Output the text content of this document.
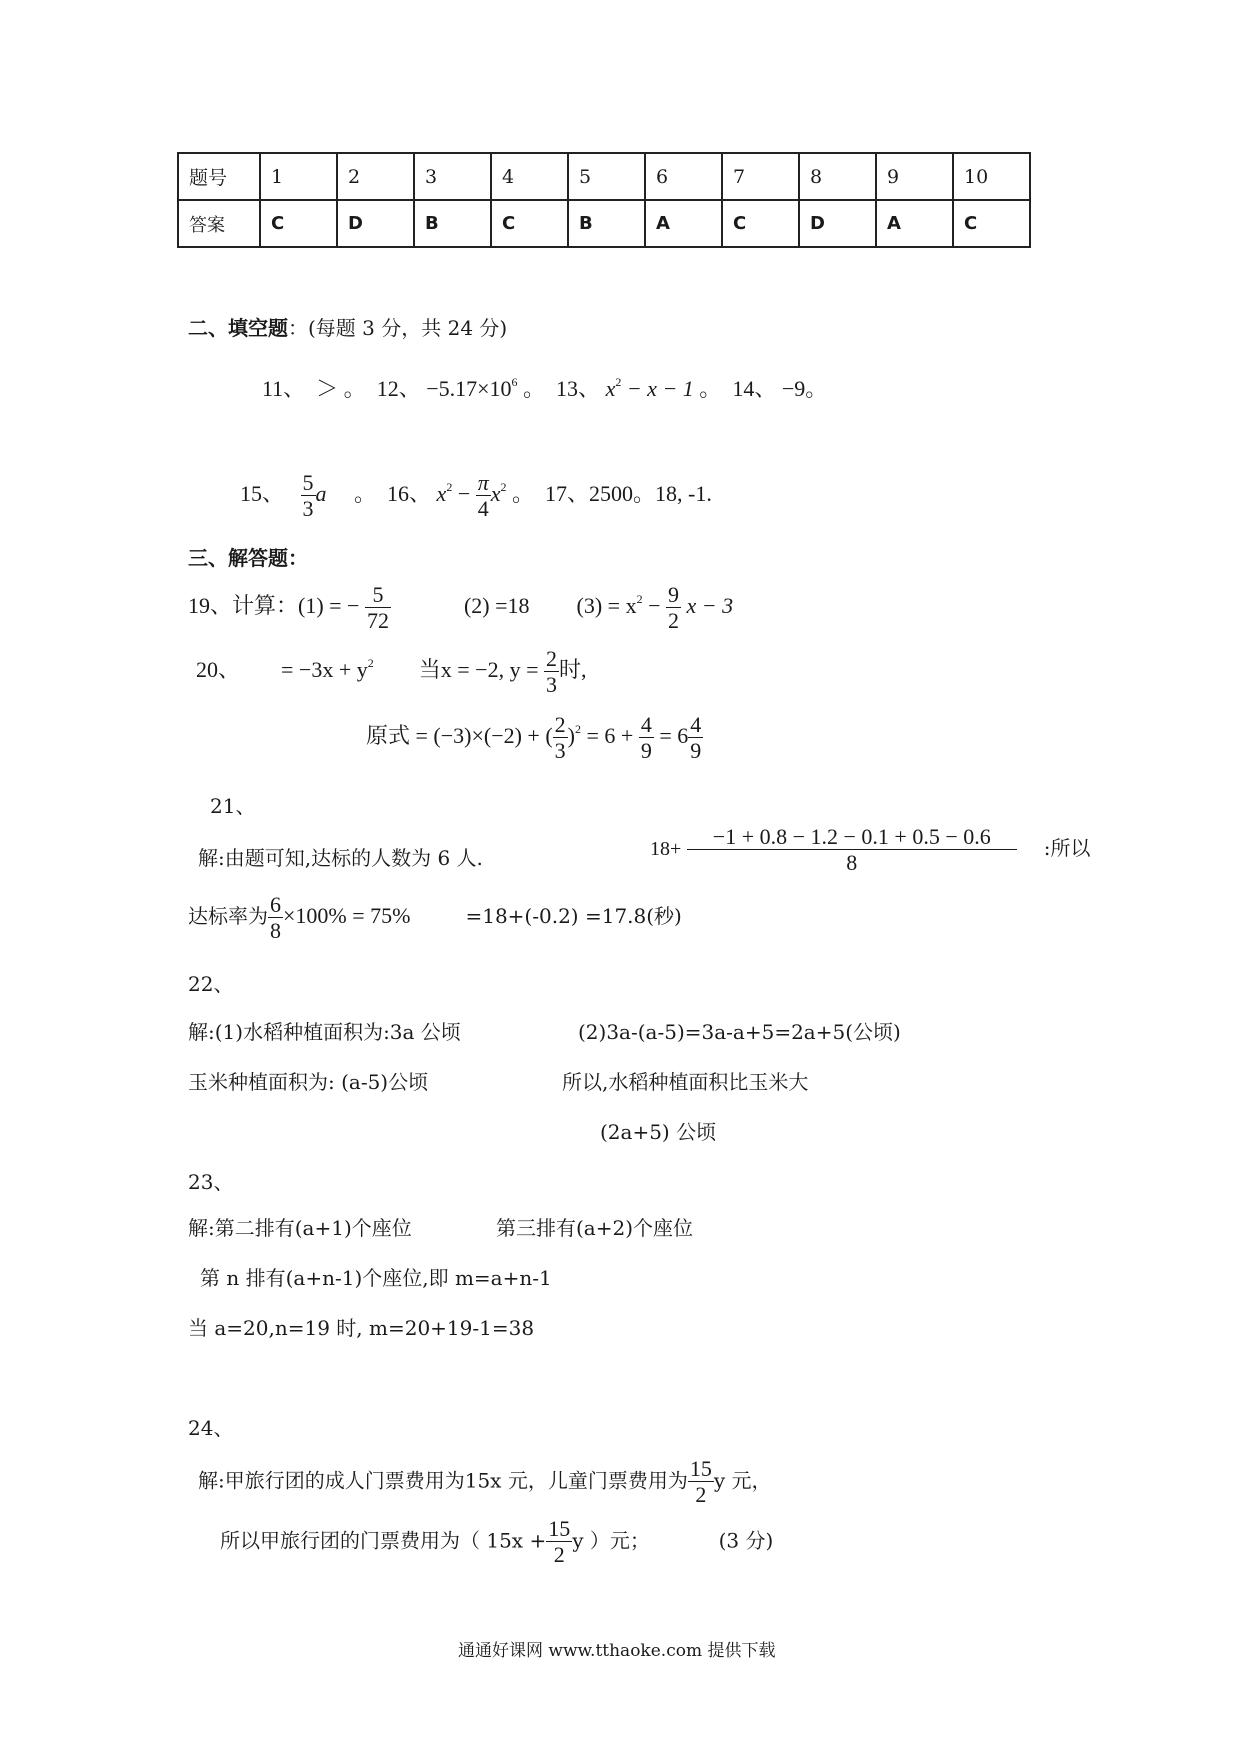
题号	1	2	3	4	5	6	7	8	9	10
答案	C	D	B	C	B	A	C	D	A	C
二、填空题：(每题 3 分，共 24 分)
11、　＞ 。 12、 $-5.17\times 10^6$ 。 13、 $x^2 - x - 1$ 。 14、 −9。
15、 $\frac{5}{3}$ a 。 16、 $x^2 - \frac{\pi}{4} x^2$ 。 17、2500。18, -1.
三、解答题：
19、计算：(1) = − $\frac{5}{72}$	(2) =18 $(3) = x^2 - \frac{9}{2}$ x − 3
20、 = $-3x + y^2$ 当x = −2, $y = \frac{2}{3}$ 时,
原式 = (−3)×(−2) + ( $\frac{2}{3} )^2 = 6 + \frac{4}{9} = 6 \frac{4}{9}$
21、
解:由题可知,达标的人数为 6 人.	$18+ \frac{-1 + 0.8 - 1.2 - 0.1 + 0.5 - 0.6}{8}$ :所以
达标率为 $\frac{6}{8} \times 100\% = 75\%$	=18+(-0.2) =17.8(秒)
22、
解:(1)水稻种植面积为:3a 公顷	(2)3a-(a-5)=3a-a+5=2a+5(公顷)
玉米种植面积为: (a-5)公顷	所以,水稻种植面积比玉米大
(2a+5) 公顷
23、
解:第二排有(a+1)个座位	第三排有(a+2)个座位
第 n 排有(a+n-1)个座位,即 m=a+n-1
当 a=20,n=19 时, m=20+19-1=38
24、
解:甲旅行团的成人门票费用为15x 元，儿童门票费用为 $\frac{15}{2}$ y 元，
所以甲旅行团的门票费用为（ $15x + \frac{15}{2}$ y ）元；	(3 分)
通通好课网 www.tthaoke.com 提供下载
